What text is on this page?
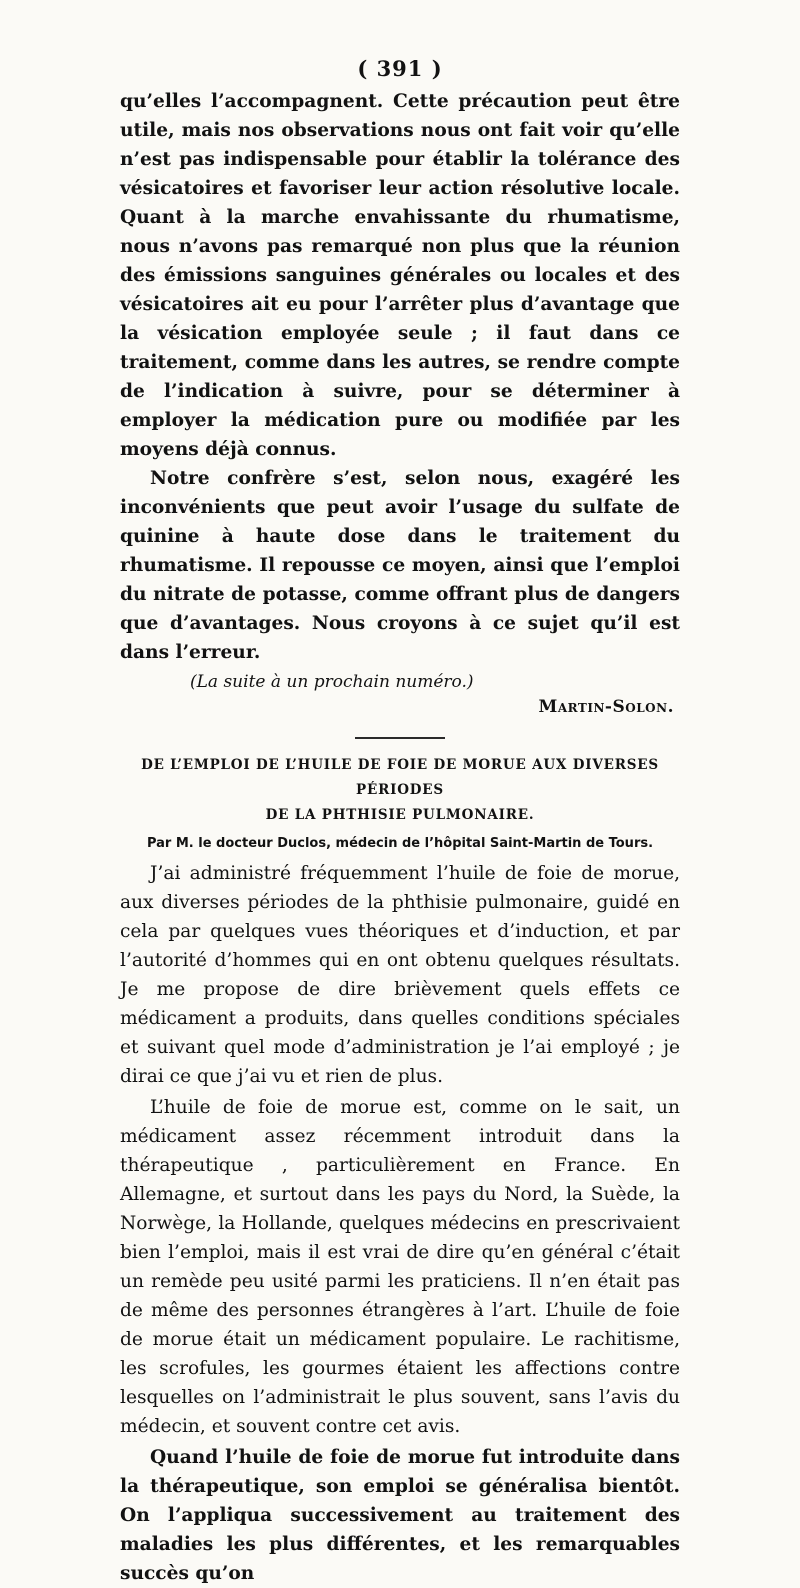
( 391 )

qu’elles l’accompagnent. Cette précaution peut être utile, mais nos observations nous ont fait voir qu’elle n’est pas indispensable pour établir la tolérance des vésicatoires et favoriser leur action résolutive locale. Quant à la marche envahissante du rhumatisme, nous n’avons pas remarqué non plus que la réunion des émissions sanguines générales ou locales et des vésicatoires ait eu pour l’arrêter plus d’avantage que la vésication employée seule ; il faut dans ce traitement, comme dans les autres, se rendre compte de l’indication à suivre, pour se déterminer à employer la médication pure ou modifiée par les moyens déjà connus.

Notre confrère s’est, selon nous, exagéré les inconvénients que peut avoir l’usage du sulfate de quinine à haute dose dans le traitement du rhumatisme. Il repousse ce moyen, ainsi que l’emploi du nitrate de potasse, comme offrant plus de dangers que d’avantages. Nous croyons à ce sujet qu’il est dans l’erreur.

(La suite à un prochain numéro.)
Martin-Solon.
DE L’EMPLOI DE L’HUILE DE FOIE DE MORUE AUX DIVERSES PÉRIODES
DE LA PHTHISIE PULMONAIRE.
Par M. le docteur Duclos, médecin de l’hôpital Saint-Martin de Tours.

J’ai administré fréquemment l’huile de foie de morue, aux diverses périodes de la phthisie pulmonaire, guidé en cela par quelques vues théoriques et d’induction, et par l’autorité d’hommes qui en ont obtenu quelques résultats. Je me propose de dire brièvement quels effets ce médicament a produits, dans quelles conditions spéciales et suivant quel mode d’administration je l’ai employé ; je dirai ce que j’ai vu et rien de plus.

L’huile de foie de morue est, comme on le sait, un médicament assez récemment introduit dans la thérapeutique , particulièrement en France. En Allemagne, et surtout dans les pays du Nord, la Suède, la Norwège, la Hollande, quelques médecins en prescrivaient bien l’emploi, mais il est vrai de dire qu’en général c’était un remède peu usité parmi les praticiens. Il n’en était pas de même des personnes étrangères à l’art. L’huile de foie de morue était un médicament populaire. Le rachitisme, les scrofules, les gourmes étaient les affections contre lesquelles on l’administrait le plus souvent, sans l’avis du médecin, et souvent contre cet avis.

Quand l’huile de foie de morue fut introduite dans la thérapeutique, son emploi se généralisa bientôt. On l’appliqua successivement au traitement des maladies les plus différentes, et les remarquables succès qu’on
